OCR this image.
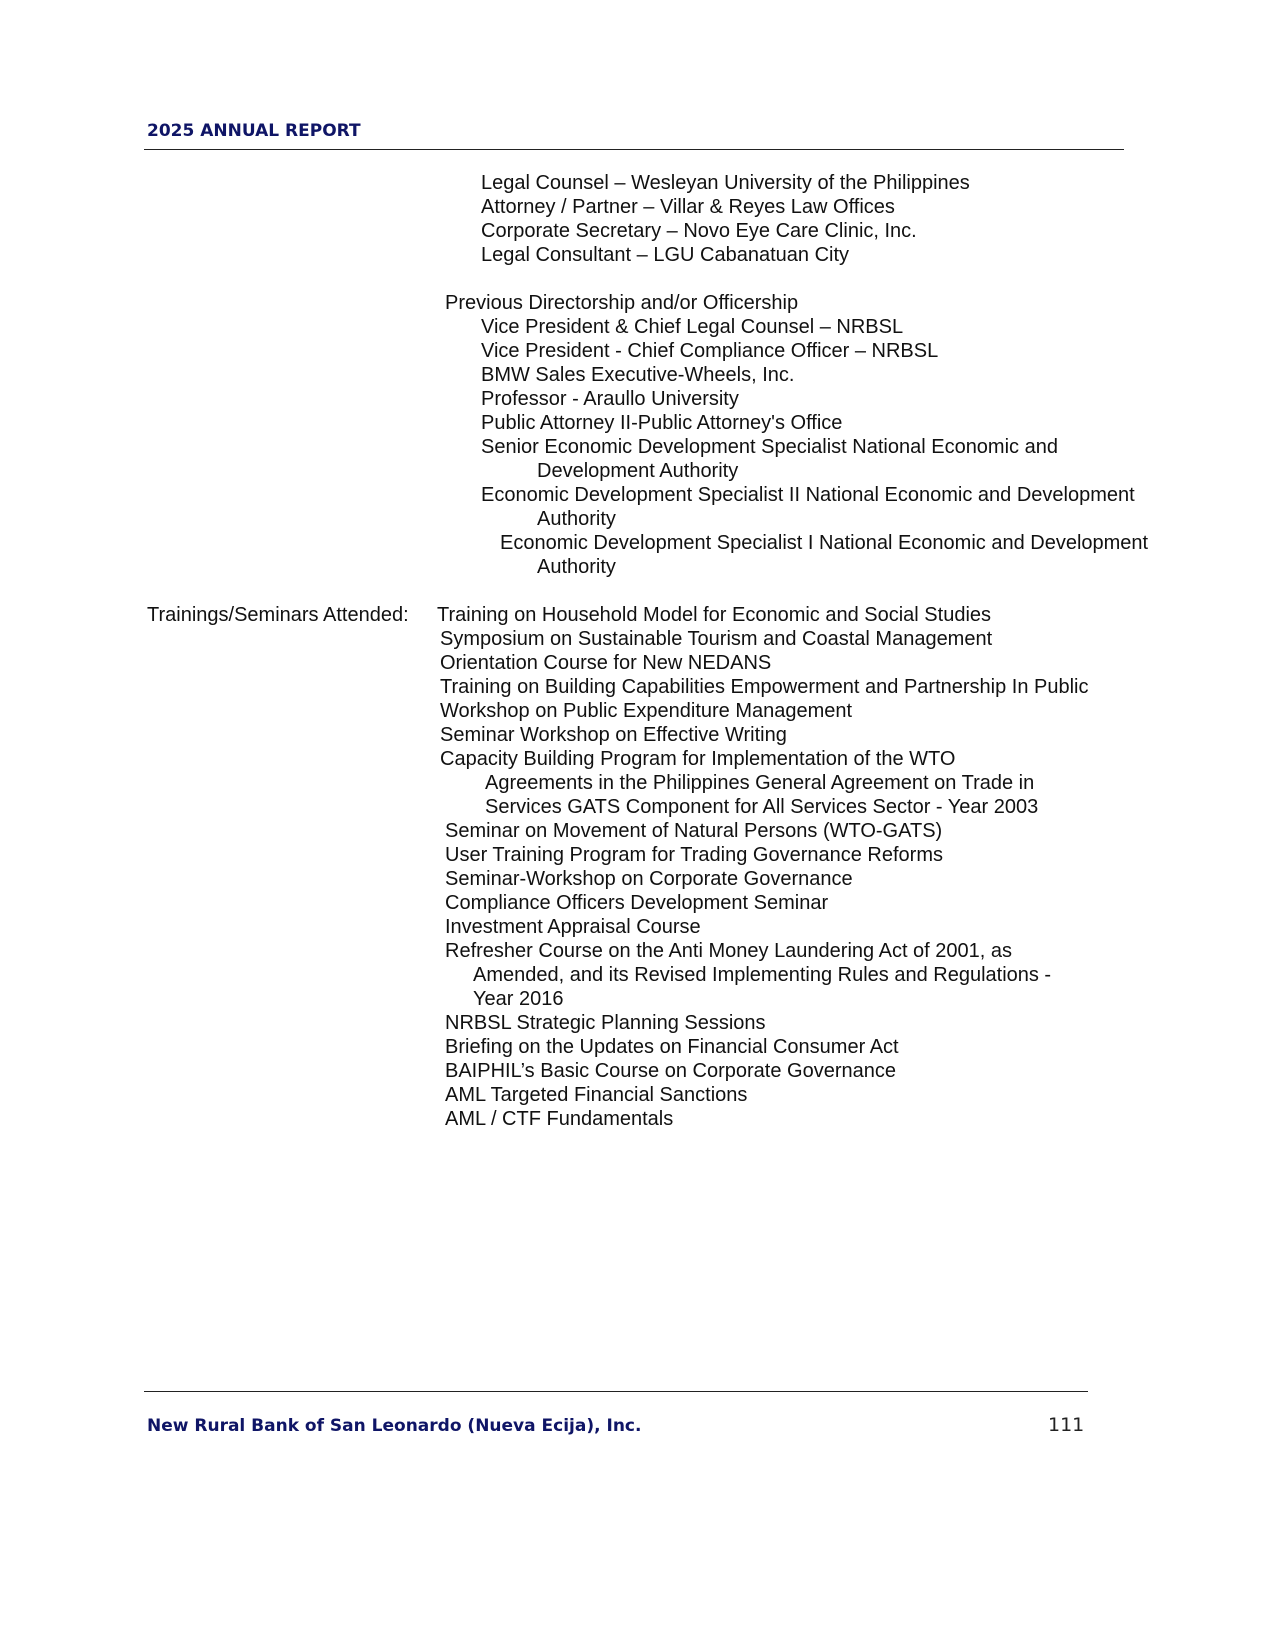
2025 ANNUAL REPORT
Legal Counsel – Wesleyan University of the Philippines
Attorney / Partner – Villar & Reyes Law Offices
Corporate Secretary – Novo Eye Care Clinic, Inc.
Legal Consultant – LGU Cabanatuan City
Previous Directorship and/or Officership
Vice President & Chief Legal Counsel – NRBSL
Vice President - Chief Compliance Officer – NRBSL
BMW Sales Executive-Wheels, Inc.
Professor - Araullo University
Public Attorney II-Public Attorney's Office
Senior Economic Development Specialist National Economic and
Development Authority
Economic Development Specialist II National Economic and Development
Authority
Economic Development Specialist I National Economic and Development
Authority
Trainings/Seminars Attended: Training on Household Model for Economic and Social Studies
Symposium on Sustainable Tourism and Coastal Management
Orientation Course for New NEDANS
Training on Building Capabilities Empowerment and Partnership In Public
Workshop on Public Expenditure Management
Seminar Workshop on Effective Writing
Capacity Building Program for Implementation of the WTO
Agreements in the Philippines General Agreement on Trade in
Services GATS Component for All Services Sector - Year 2003
Seminar on Movement of Natural Persons (WTO-GATS)
User Training Program for Trading Governance Reforms
Seminar-Workshop on Corporate Governance
Compliance Officers Development Seminar
Investment Appraisal Course
Refresher Course on the Anti Money Laundering Act of 2001, as
Amended, and its Revised Implementing Rules and Regulations -
Year 2016
NRBSL Strategic Planning Sessions
Briefing on the Updates on Financial Consumer Act
BAIPHIL’s Basic Course on Corporate Governance
AML Targeted Financial Sanctions
AML / CTF Fundamentals
New Rural Bank of San Leonardo (Nueva Ecija), Inc.	111
